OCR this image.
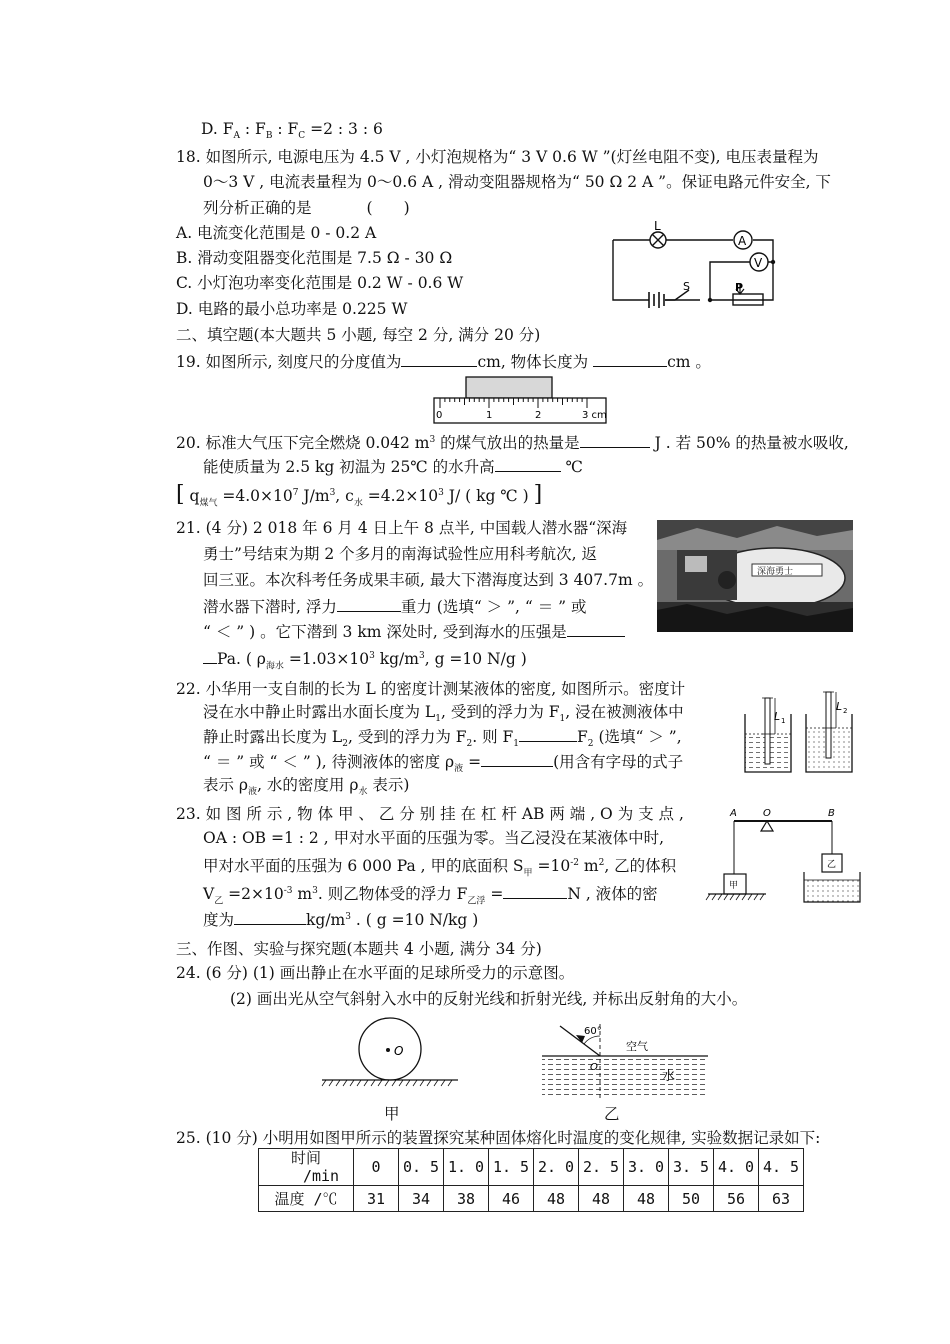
D. $F_A$ : $F_B$ : $F_C =2$ : 3 : 6
18. 如图所示, 电源电压为 4.5 V , 小灯泡规格为“ 3 V 0.6 W ”(灯丝电阻不变), 电压表量程为
0～3 V , 电流表量程为 0～0.6 A , 滑动变阻器规格为“ 50 Ω 2 A ”。保证电路元件安全, 下
列分析正确的是	(　　)
A. 电流变化范围是 0 - 0.2 A
B. 滑动变阻器变化范围是 7.5 Ω - 30 Ω
C. 小灯泡功率变化范围是 0.2 W - 0.6 W
D. 电路的最小总功率是 0.225 W
L
A
V
S	P
二、填空题(本大题共 5 小题, 每空 2 分, 满分 20 分)
19. 如图所示, 刻度尺的分度值为	cm, 物体长度为	cm 。
0	1	2	3 cm
20. 标准大气压下完全燃烧 0.042 $m^3$ 的煤气放出的热量是	J . 若 50% 的热量被水吸收,
能使质量为 2.5 kg 初温为 25℃ 的水升高	℃
[ $q_{煤气} =4.0\times 10^7$ $J/m^3$, $c_水 =4.2\times 10^3$ J/ ( kg ℃ ) ]
21. (4 分) 2 018 年 6 月 4 日上午 8 点半, 中国载人潜水器“深海
勇士”号结束为期 2 个多月的南海试验性应用科考航次, 返
回三亚。本次科考任务成果丰硕, 最大下潜海度达到 3 407.7m 。
潜水器下潜时, 浮力	重力 (选填“ ＞ ”, “ ＝ ” 或
“ ＜ ” ) 。它下潜到 3 km 深处时, 受到海水的压强是
Pa. ( $\rho_{海水} =1.03\times 10^3$ $kg/m^3$, g =10 N/g )
深海勇士
22. 小华用一支自制的长为 L 的密度计测某液体的密度, 如图所示。密度计
浸在水中静止时露出水面长度为 $L_1$, 受到的浮力为 $F_1$, 浸在被测液体中
静止时露出长度为 $L_2$, 受到的浮力为 $F_2$. 则 $F_1$	$F_2$ (选填“ ＞ ”,
“ ＝ ” 或 “ ＜ ” ), 待测液体的密度 $\rho_液$ =	(用含有字母的式子
表示 $\rho_液$, 水的密度用 $\rho_水$ 表示)
L 1
L 2
23. 如 图 所 示 , 物 体 甲 、 乙 分 别 挂 在 杠 杆 AB 两 端 , O 为 支 点 ,
OA : OB =1 : 2 , 甲对水平面的压强为零。当乙浸没在某液体中时,
甲对水平面的压强为 6 000 Pa , 甲的底面积 $S_甲 =10^{-2}$ $m^2$, 乙的体积
$V_乙 =2\times 10^{-3}$ $m^3$. 则乙物体受的浮力 $F_{乙浮}$ =	N , 液体的密
度为	$kg/m^3$ . ( g =10 N/kg )
A	O	B
甲
乙
三、作图、实验与探究题(本题共 4 小题, 满分 34 分)
24. (6 分) (1) 画出静止在水平面的足球所受力的示意图。
(2) 画出光从空气斜射入水中的反射光线和折射光线, 并标出反射角的大小。
O
60°
空气
水
O
甲	乙
25. (10 分) 小明用如图甲所示的装置探究某种固体熔化时温度的变化规律, 实验数据记录如下:
时间
/min	0	0. 5	1. 0	1. 5	2. 0	2. 5	3. 0	3. 5	4. 0	4. 5
温度 /℃	31	34	38	46	48	48	48	50	56	63
